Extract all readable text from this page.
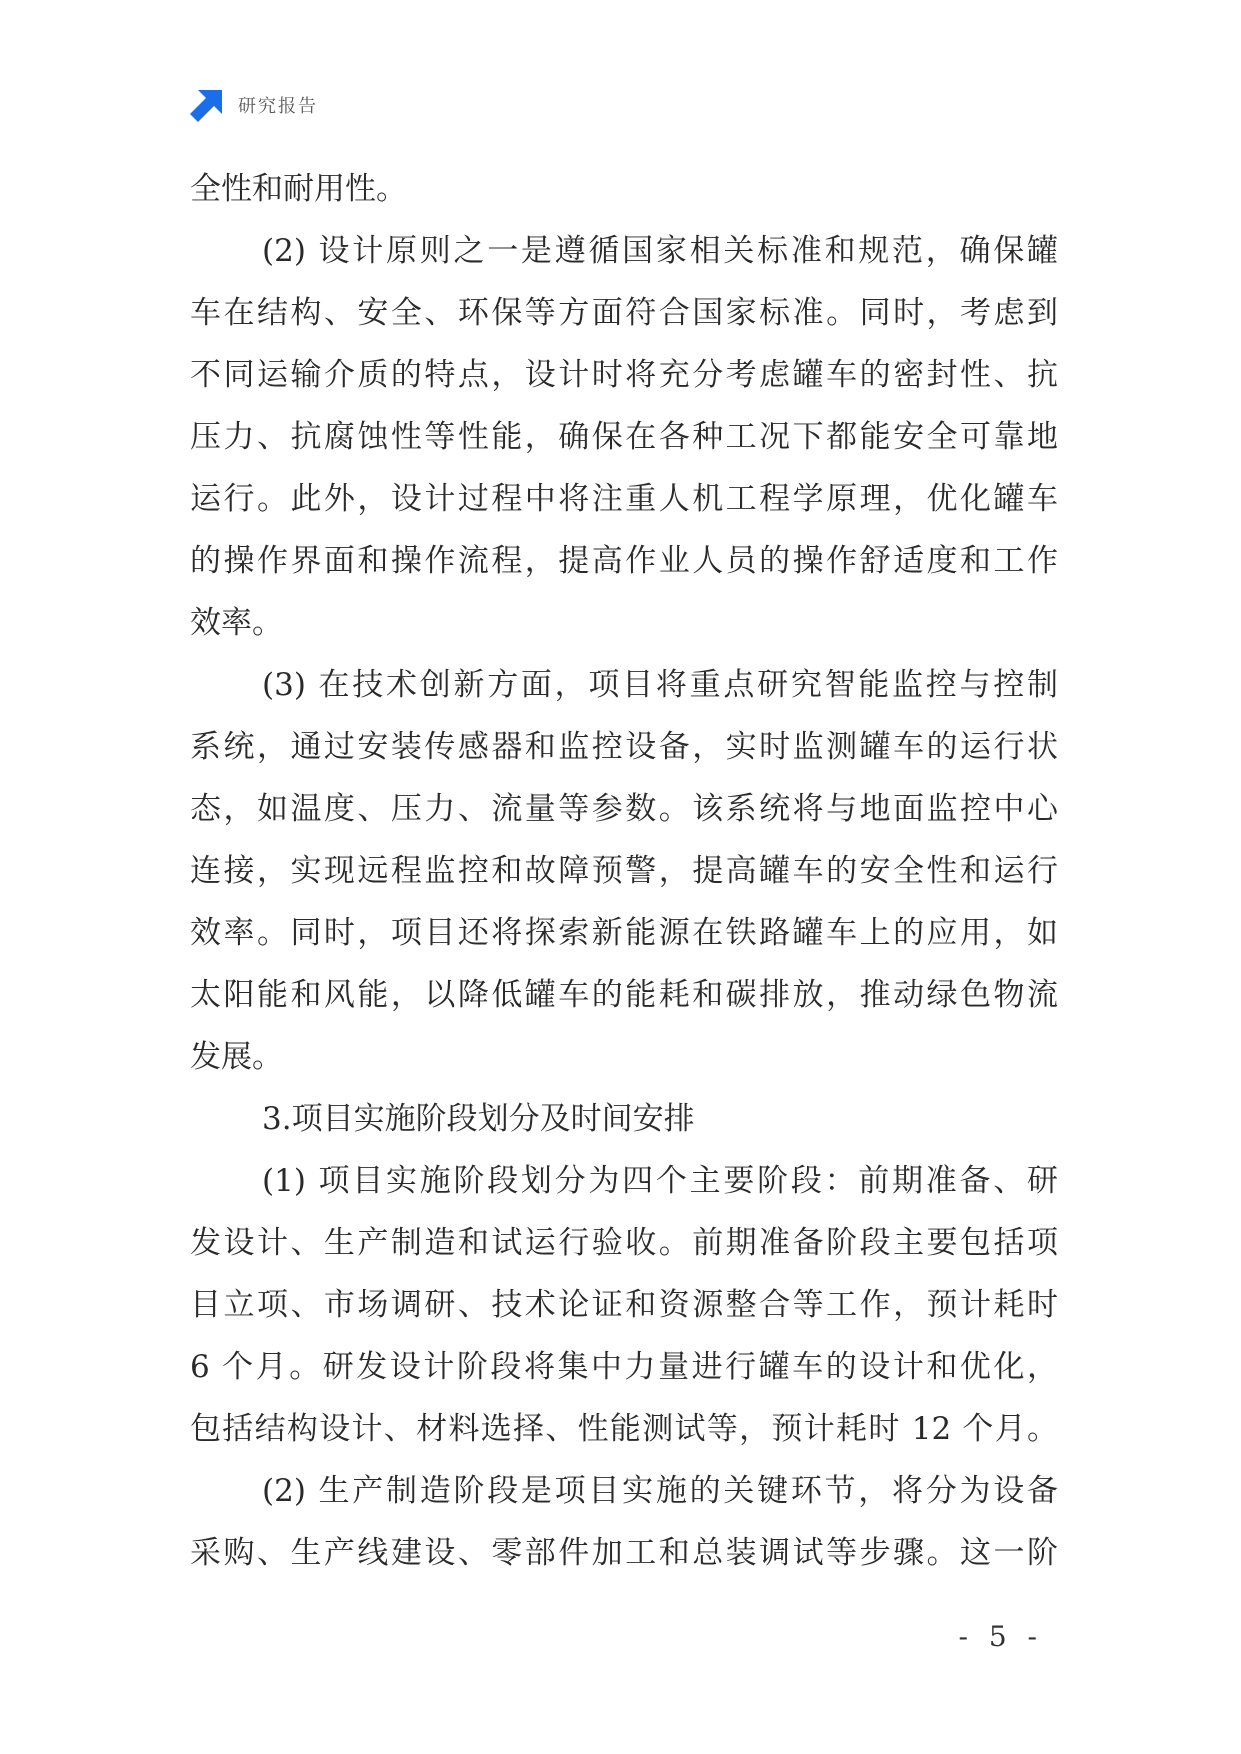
研究报告
全性和耐用性。
(2) 设计原则之一是遵循国家相关标准和规范，确保罐
车在结构、安全、环保等方面符合国家标准。同时，考虑到
不同运输介质的特点，设计时将充分考虑罐车的密封性、抗
压力、抗腐蚀性等性能，确保在各种工况下都能安全可靠地
运行。此外，设计过程中将注重人机工程学原理，优化罐车
的操作界面和操作流程，提高作业人员的操作舒适度和工作
效率。
(3) 在技术创新方面，项目将重点研究智能监控与控制
系统，通过安装传感器和监控设备，实时监测罐车的运行状
态，如温度、压力、流量等参数。该系统将与地面监控中心
连接，实现远程监控和故障预警，提高罐车的安全性和运行
效率。同时，项目还将探索新能源在铁路罐车上的应用，如
太阳能和风能，以降低罐车的能耗和碳排放，推动绿色物流
发展。
3.项目实施阶段划分及时间安排
(1) 项目实施阶段划分为四个主要阶段：前期准备、研
发设计、生产制造和试运行验收。前期准备阶段主要包括项
目立项、市场调研、技术论证和资源整合等工作，预计耗时
6 个月。研发设计阶段将集中力量进行罐车的设计和优化，
包括结构设计、材料选择、性能测试等，预计耗时 12 个月。
(2) 生产制造阶段是项目实施的关键环节，将分为设备
采购、生产线建设、零部件加工和总装调试等步骤。这一阶
- 5 -
